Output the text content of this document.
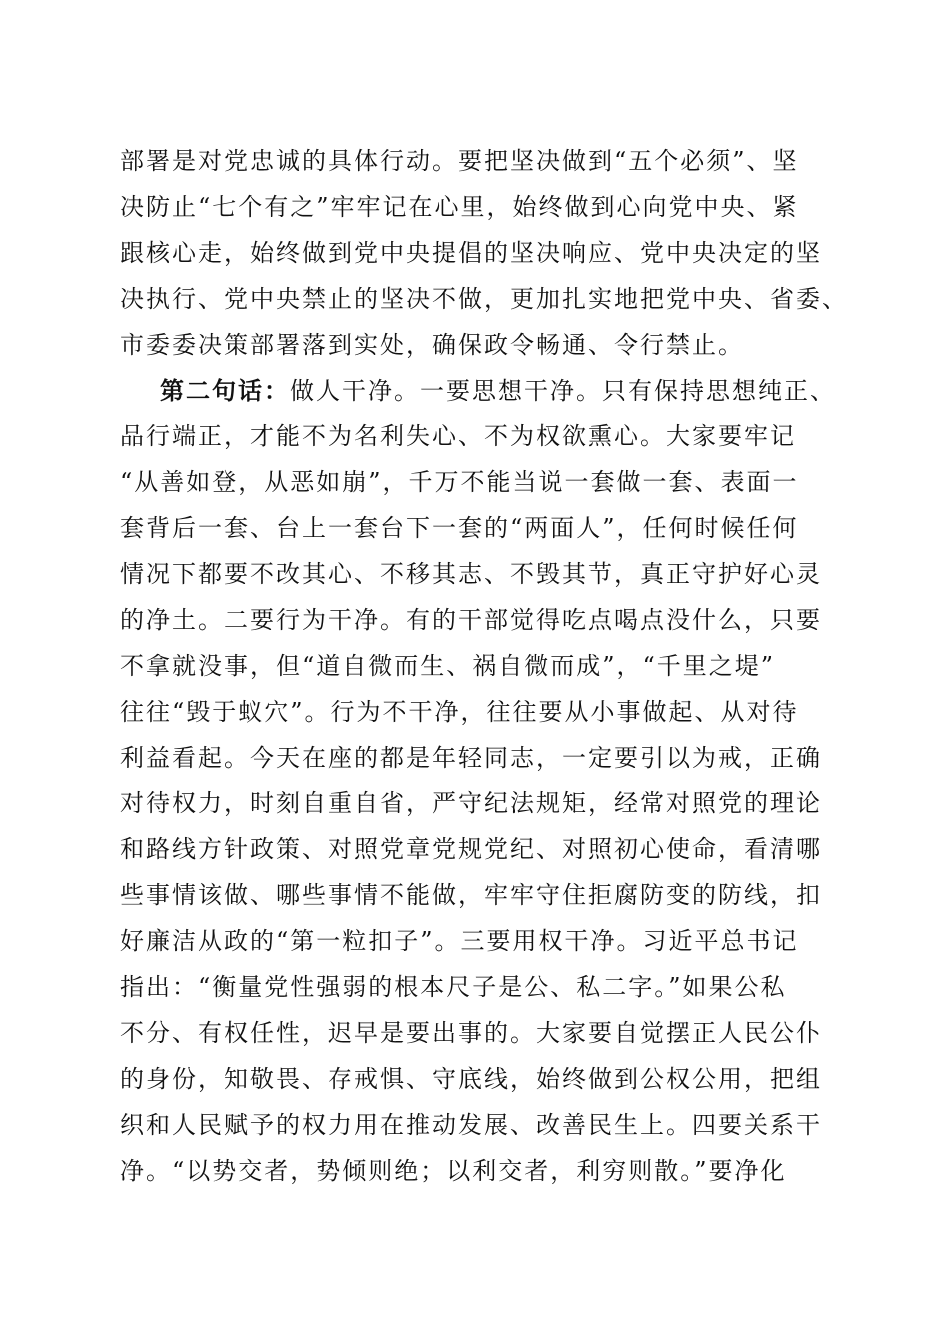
部署是对党忠诚的具体行动。要把坚决做到“五个必须”、坚
决防止“七个有之”牢牢记在心里，始终做到心向党中央、紧
跟核心走，始终做到党中央提倡的坚决响应、党中央决定的坚
决执行、党中央禁止的坚决不做，更加扎实地把党中央、省委、
市委委决策部署落到实处，确保政令畅通、令行禁止。
第二句话：做人干净。一要思想干净。只有保持思想纯正、
品行端正，才能不为名利失心、不为权欲熏心。大家要牢记
“从善如登，从恶如崩”，千万不能当说一套做一套、表面一
套背后一套、台上一套台下一套的“两面人”，任何时候任何
情况下都要不改其心、不移其志、不毁其节，真正守护好心灵
的净土。二要行为干净。有的干部觉得吃点喝点没什么，只要
不拿就没事，但“道自微而生、祸自微而成”，“千里之堤”
往往“毁于蚁穴”。行为不干净，往往要从小事做起、从对待
利益看起。今天在座的都是年轻同志，一定要引以为戒，正确
对待权力，时刻自重自省，严守纪法规矩，经常对照党的理论
和路线方针政策、对照党章党规党纪、对照初心使命，看清哪
些事情该做、哪些事情不能做，牢牢守住拒腐防变的防线，扣
好廉洁从政的“第一粒扣子”。三要用权干净。习近平总书记
指出：“衡量党性强弱的根本尺子是公、私二字。”如果公私
不分、有权任性，迟早是要出事的。大家要自觉摆正人民公仆
的身份，知敬畏、存戒惧、守底线，始终做到公权公用，把组
织和人民赋予的权力用在推动发展、改善民生上。四要关系干
净。“以势交者，势倾则绝；以利交者，利穷则散。”要净化
